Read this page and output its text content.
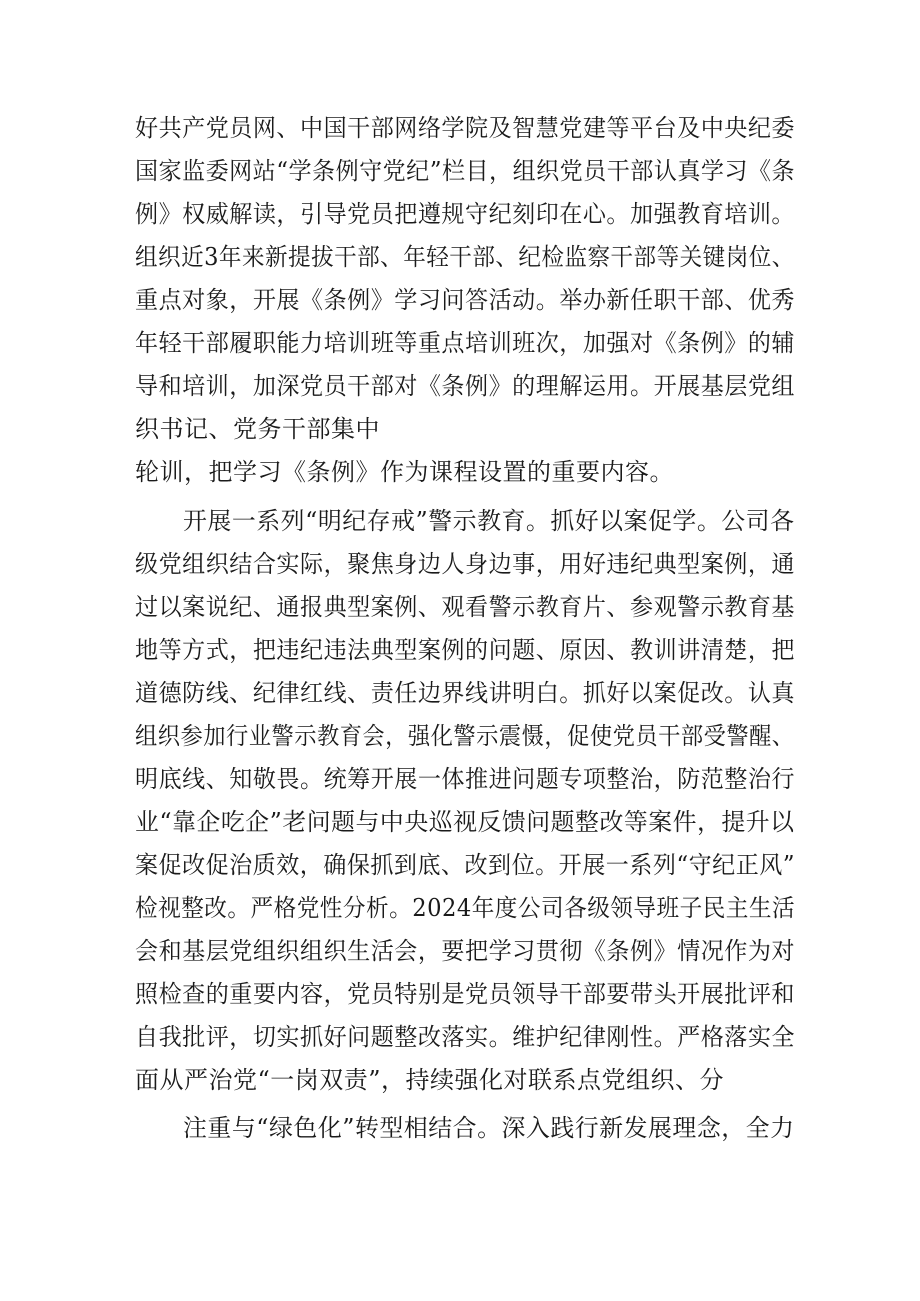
好共产党员网、中国干部网络学院及智慧党建等平台及中央纪委
国家监委网站“学条例守党纪”栏目，组织党员干部认真学习《条
例》权威解读，引导党员把遵规守纪刻印在心。加强教育培训。
组织近3年来新提拔干部、年轻干部、纪检监察干部等关键岗位、
重点对象，开展《条例》学习问答活动。举办新任职干部、优秀
年轻干部履职能力培训班等重点培训班次，加强对《条例》的辅
导和培训，加深党员干部对《条例》的理解运用。开展基层党组
织书记、党务干部集中
轮训，把学习《条例》作为课程设置的重要内容。
开展一系列“明纪存戒”警示教育。抓好以案促学。公司各
级党组织结合实际，聚焦身边人身边事，用好违纪典型案例，通
过以案说纪、通报典型案例、观看警示教育片、参观警示教育基
地等方式，把违纪违法典型案例的问题、原因、教训讲清楚，把
道德防线、纪律红线、责任边界线讲明白。抓好以案促改。认真
组织参加行业警示教育会，强化警示震慑，促使党员干部受警醒、
明底线、知敬畏。统筹开展一体推进问题专项整治，防范整治行
业“靠企吃企”老问题与中央巡视反馈问题整改等案件，提升以
案促改促治质效，确保抓到底、改到位。开展一系列“守纪正风”
检视整改。严格党性分析。2024年度公司各级领导班子民主生活
会和基层党组织组织生活会，要把学习贯彻《条例》情况作为对
照检查的重要内容，党员特别是党员领导干部要带头开展批评和
自我批评，切实抓好问题整改落实。维护纪律刚性。严格落实全
面从严治党“一岗双责”，持续强化对联系点党组织、分
注重与“绿色化”转型相结合。深入践行新发展理念，全力
